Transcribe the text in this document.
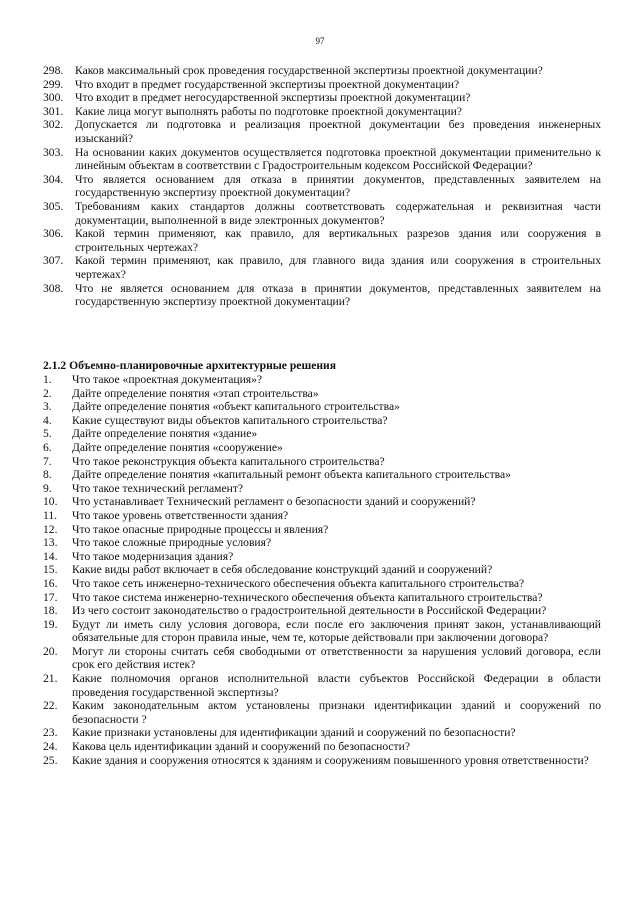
97
298.	Каков максимальный срок проведения государственной экспертизы проектной документации?
299.	Что входит в предмет государственной экспертизы проектной документации?
300.	Что входит в предмет негосударственной экспертизы проектной документации?
301.	Какие лица могут выполнять работы по подготовке проектной документации?
302.	Допускается ли подготовка и реализация проектной документации без проведения инженерных изысканий?
303.	На основании каких документов осуществляется подготовка проектной документации применительно к линейным объектам в соответствии с Градостроительным кодексом Российской Федерации?
304.	Что является основанием для отказа в принятии документов, представленных заявителем на государственную экспертизу проектной документации?
305.	Требованиям каких стандартов должны соответствовать содержательная и реквизитная части документации, выполненной в виде электронных документов?
306.	Какой термин применяют, как правило, для вертикальных разрезов здания или сооружения в строительных чертежах?
307.	Какой термин применяют, как правило, для главного вида здания или сооружения в строительных чертежах?
308.	Что не является основанием для отказа в принятии документов, представленных заявителем на государственную экспертизу проектной документации?
2.1.2 Объемно-планировочные архитектурные решения
1.	Что такое «проектная документация»?
2.	Дайте определение понятия «этап строительства»
3.	Дайте определение понятия «объект капитального строительства»
4.	Какие существуют виды объектов капитального строительства?
5.	Дайте определение понятия «здание»
6.	Дайте определение понятия «сооружение»
7.	Что такое реконструкция объекта капитального строительства?
8.	Дайте определение понятия «капитальный ремонт объекта капитального строительства»
9.	Что такое технический регламент?
10.	Что устанавливает Технический регламент о безопасности зданий и сооружений?
11.	Что такое уровень ответственности здания?
12.	Что такое опасные природные процессы и явления?
13.	Что такое сложные природные условия?
14.	Что такое модернизация здания?
15.	Какие виды работ включает в себя обследование конструкций зданий и сооружений?
16.	Что такое сеть инженерно-технического обеспечения объекта капитального строительства?
17.	Что такое система инженерно-технического обеспечения объекта капитального строительства?
18.	Из чего состоит законодательство о градостроительной деятельности в Российской Федерации?
19.	Будут ли иметь силу условия договора, если после его заключения принят закон, устанавливающий обязательные для сторон правила иные, чем те, которые действовали при заключении договора?
20.	Могут ли стороны считать себя свободными от ответственности за нарушения условий договора, если срок его действия истек?
21.	Какие полномочия органов исполнительной власти субъектов Российской Федерации в области проведения государственной экспертизы?
22.	Каким законодательным актом установлены признаки идентификации зданий и сооружений по безопасности ?
23.	Какие признаки установлены для идентификации зданий и сооружений по безопасности?
24.	Какова цель идентификации зданий и сооружений по безопасности?
25.	Какие здания и сооружения относятся к зданиям и сооружениям повышенного уровня ответственности?
